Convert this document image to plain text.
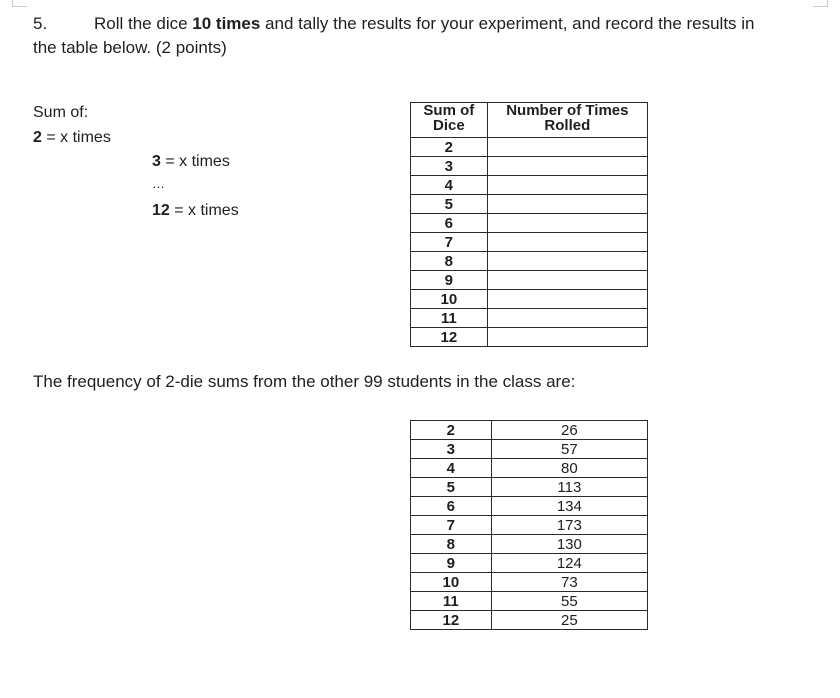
5.	Roll the dice 10 times and tally the results for your experiment, and record the results in
the table below. (2 points)
Sum of:
2 = x times
3 = x times
…
12 = x times
Sum of Dice	Number of Times Rolled
2	
3	
4	
5	
6	
7	
8	
9	
10	
11	
12	
The frequency of 2-die sums from the other 99 students in the class are:
2	26
3	57
4	80
5	113
6	134
7	173
8	130
9	124
10	73
11	55
12	25
